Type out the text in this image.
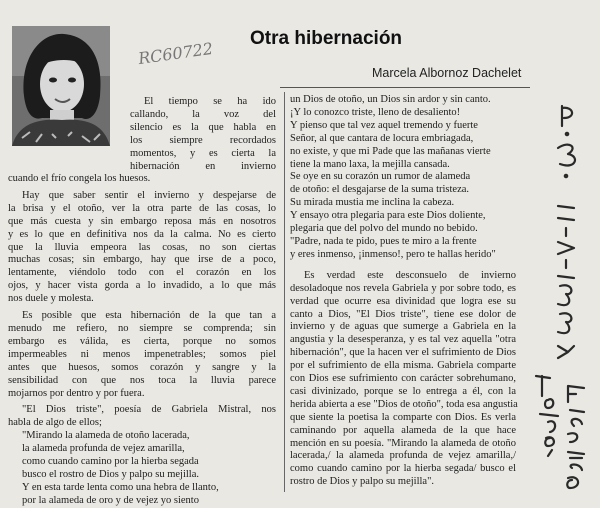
Otra hibernación
RC60722
Marcela Albornoz Dachelet

El tiempo se ha ido

callando, la voz del

silencio es la que habla en

los siempre recordados

momentos, y es cierta la

hibernación en invierno

cuando el frío congela los huesos.

Hay que saber sentir el invierno y despejarse de

la brisa y el otoño, ver la otra parte de las cosas, lo

que más cuesta y sin embargo reposa más en nosotros

y es lo que en definitiva nos da la calma. No es cierto

que la lluvia empeora las cosas, no son ciertas

muchas cosas; sin embargo, hay que irse de a poco,

lentamente, viéndolo todo con el corazón en los

ojos, y hacer vista gorda a lo invadido, a lo que más

nos duele y molesta.

Es posible que esta hibernación de la que tan a

menudo me refiero, no siempre se comprenda; sin

embargo es válida, es cierta, porque no somos

impermeables ni menos impenetrables; somos piel

antes que huesos, somos corazón y sangre y la

sensibilidad con que nos toca la lluvia parece

mojarnos por dentro y por fuera.

"El Dios triste", poesía de Gabriela Mistral, nos

habla de algo de ellos;

"Mirando la alameda de otoño lacerada,

la alameda profunda de vejez amarilla,

como cuando camino por la hierba segada

busco el rostro de Dios y palpo su mejilla.

Y en esta tarde lenta como una hebra de llanto,

por la alameda de oro y de vejez yo siento

un Dios de otoño, un Dios sin ardor y sin canto.

¡Y lo conozco triste, lleno de desaliento!

Y pienso que tal vez aquel tremendo y fuerte

Señor, al que cantara de locura embriagada,

no existe, y que mi Pade que las mañanas vierte

tiene la mano laxa, la mejilla cansada.

Se oye en su corazón un rumor de alameda

de otoño: el desgajarse de la suma tristeza.

Su mirada mustia me inclina la cabeza.

Y ensayo otra plegaria para este Dios doliente,

plegaria que del polvo del mundo no bebido.

"Padre, nada te pido, pues te miro a la frente

y eres inmenso, ¡inmenso!, pero te hallas herido"

Es verdad este desconsuelo de invierno

desoladoque nos revela Gabriela y por sobre todo, es

verdad que ocurre esa divinidad que logra ese su

canto a Dios, "El Dios triste", tiene ese dolor de

invierno y de aguas que sumerge a Gabriela en la

angustia y la desesperanza, y es tal vez aquella "otra

hibernación", que la hacen ver el sufrimiento de Dios

por el sufrimiento de ella misma. Gabriela comparte

con Dios ese sufrimiento con carácter sobrehumano,

casi divinizado, porque se lo entrega a él, con la

herida abierta a ese "Dios de otoño", toda esa angustia

que siente la poetisa la comparte con Dios. Es verla

caminando por aquella alameda de la que hace

mención en su poesía. "Mirando la alameda de otoño

lacerada,/ la alameda profunda de vejez amarilla,/

como cuando camino por la hierba segada/ busco el

rostro de Dios y palpo su mejilla".
